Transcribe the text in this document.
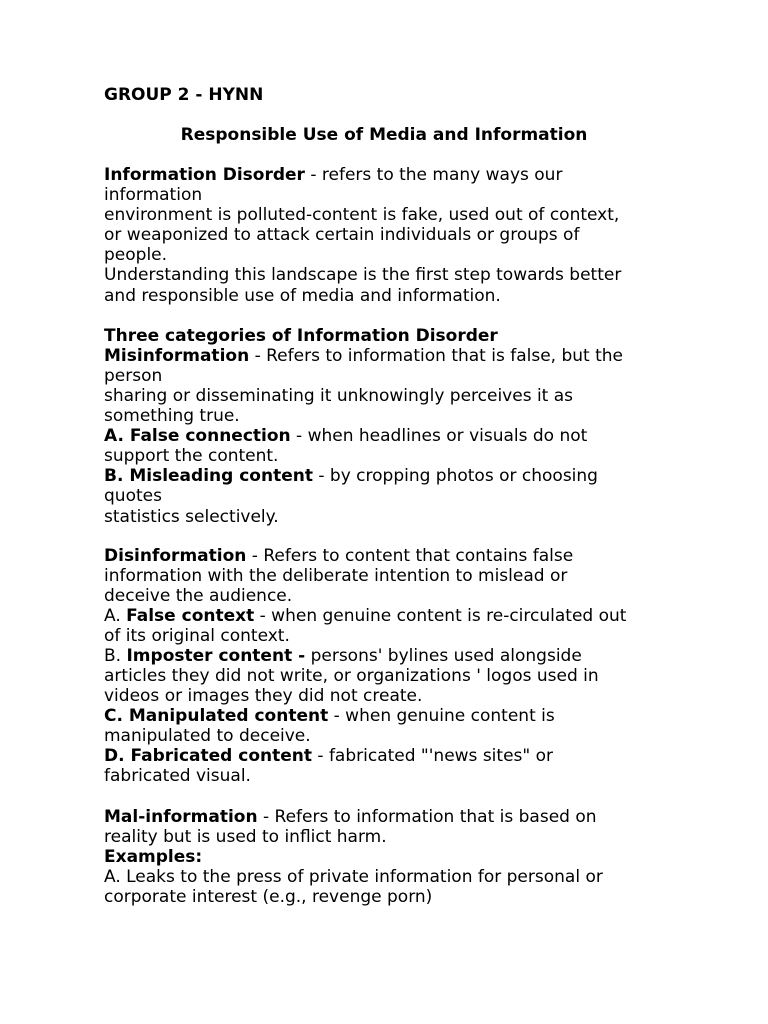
GROUP 2 - HYNN

Responsible Use of Media and Information

Information Disorder - refers to the many ways our

information

environment is polluted-content is fake, used out of context,

or weaponized to attack certain individuals or groups of

people.

Understanding this landscape is the first step towards better

and responsible use of media and information.

Three categories of Information Disorder

Misinformation - Refers to information that is false, but the

person

sharing or disseminating it unknowingly perceives it as

something true.

A. False connection - when headlines or visuals do not

support the content.

B. Misleading content - by cropping photos or choosing

quotes

statistics selectively.

Disinformation - Refers to content that contains false

information with the deliberate intention to mislead or

deceive the audience.

A. False context - when genuine content is re-circulated out

of its original context.

B. Imposter content - persons' bylines used alongside

articles they did not write, or organizations ' logos used in

videos or images they did not create.

C. Manipulated content - when genuine content is

manipulated to deceive.

D. Fabricated content - fabricated "'news sites" or

fabricated visual.

Mal-information - Refers to information that is based on

reality but is used to inflict harm.

Examples:

A. Leaks to the press of private information for personal or

corporate interest (e.g., revenge porn)
